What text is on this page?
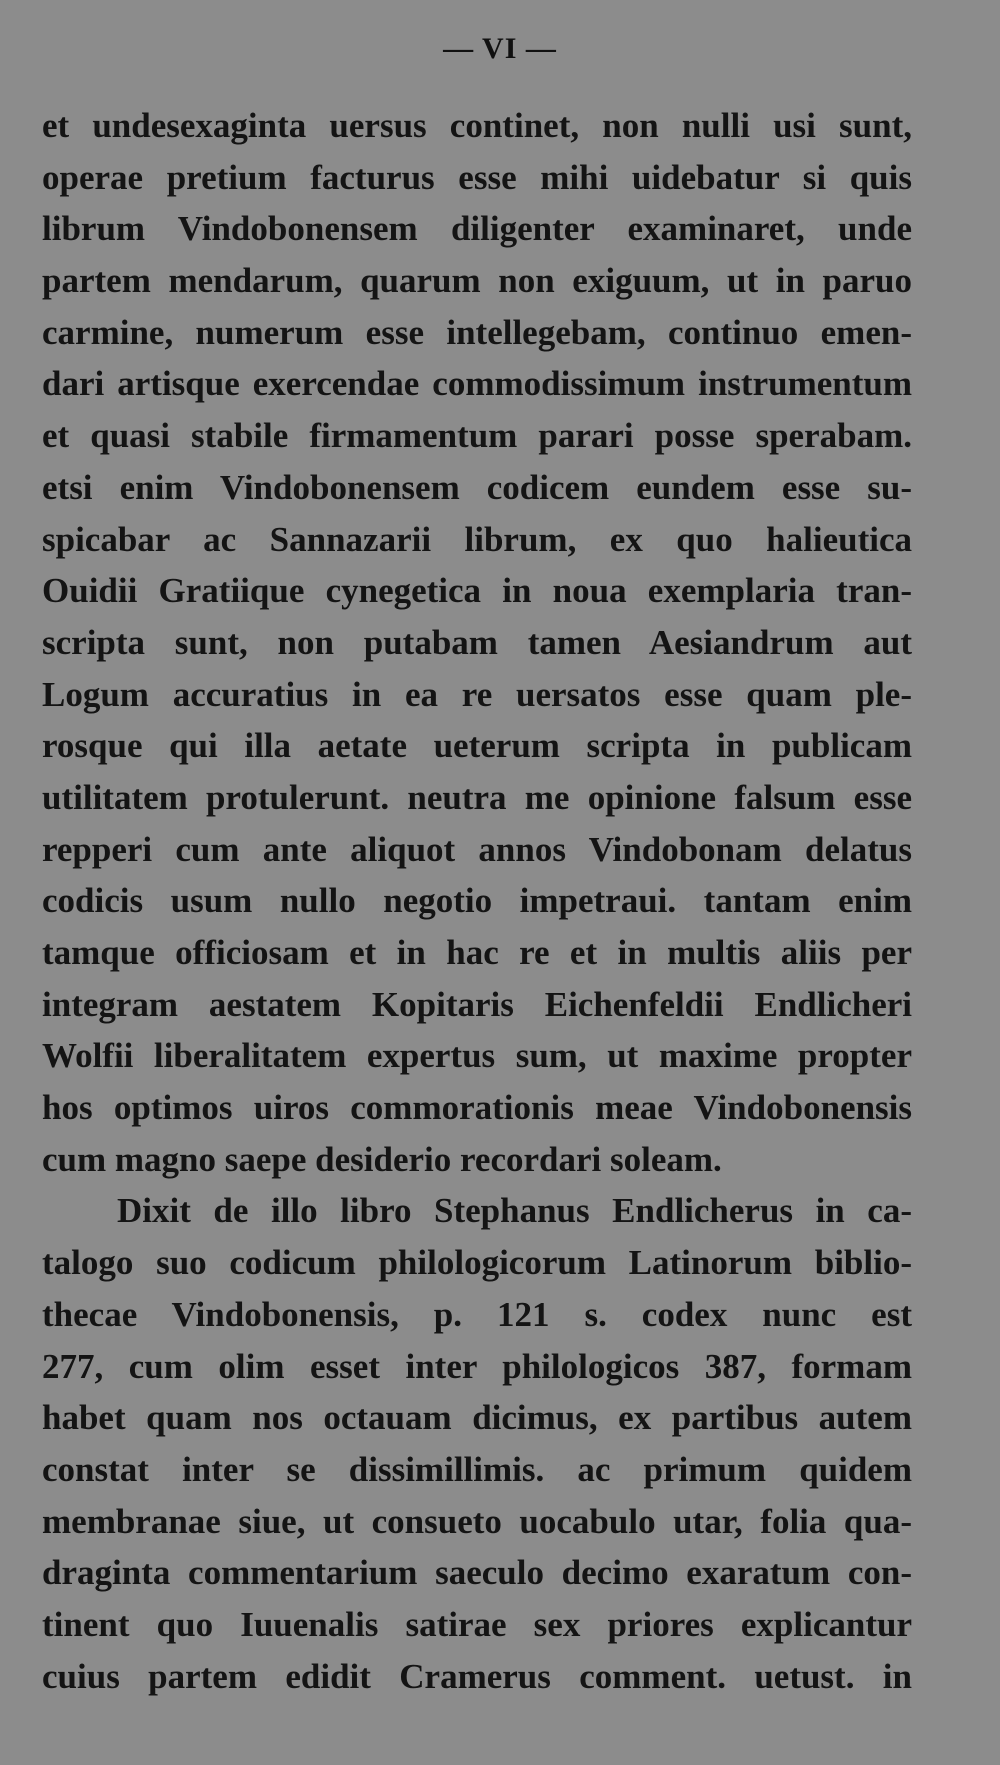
— VI —
et undesexaginta uersus continet, non nulli usi sunt,
operae pretium facturus esse mihi uidebatur si quis
librum Vindobonensem diligenter examinaret, unde
partem mendarum, quarum non exiguum, ut in paruo
carmine, numerum esse intellegebam, continuo emen-
dari artisque exercendae commodissimum instrumentum
et quasi stabile firmamentum parari posse sperabam.
etsi enim Vindobonensem codicem eundem esse su-
spicabar ac Sannazarii librum, ex quo halieutica
Ouidii Gratiique cynegetica in noua exemplaria tran-
scripta sunt, non putabam tamen Aesiandrum aut
Logum accuratius in ea re uersatos esse quam ple-
rosque qui illa aetate ueterum scripta in publicam
utilitatem protulerunt. neutra me opinione falsum esse
repperi cum ante aliquot annos Vindobonam delatus
codicis usum nullo negotio impetraui. tantam enim
tamque officiosam et in hac re et in multis aliis per
integram aestatem Kopitaris Eichenfeldii Endlicheri
Wolfii liberalitatem expertus sum, ut maxime propter
hos optimos uiros commorationis meae Vindobonensis
cum magno saepe desiderio recordari soleam.
Dixit de illo libro Stephanus Endlicherus in ca-
talogo suo codicum philologicorum Latinorum biblio-
thecae Vindobonensis, p. 121 s. codex nunc est
277, cum olim esset inter philologicos 387, formam
habet quam nos octauam dicimus, ex partibus autem
constat inter se dissimillimis. ac primum quidem
membranae siue, ut consueto uocabulo utar, folia qua-
draginta commentarium saeculo decimo exaratum con-
tinent quo Iuuenalis satirae sex priores explicantur
cuius partem edidit Cramerus comment. uetust. in
